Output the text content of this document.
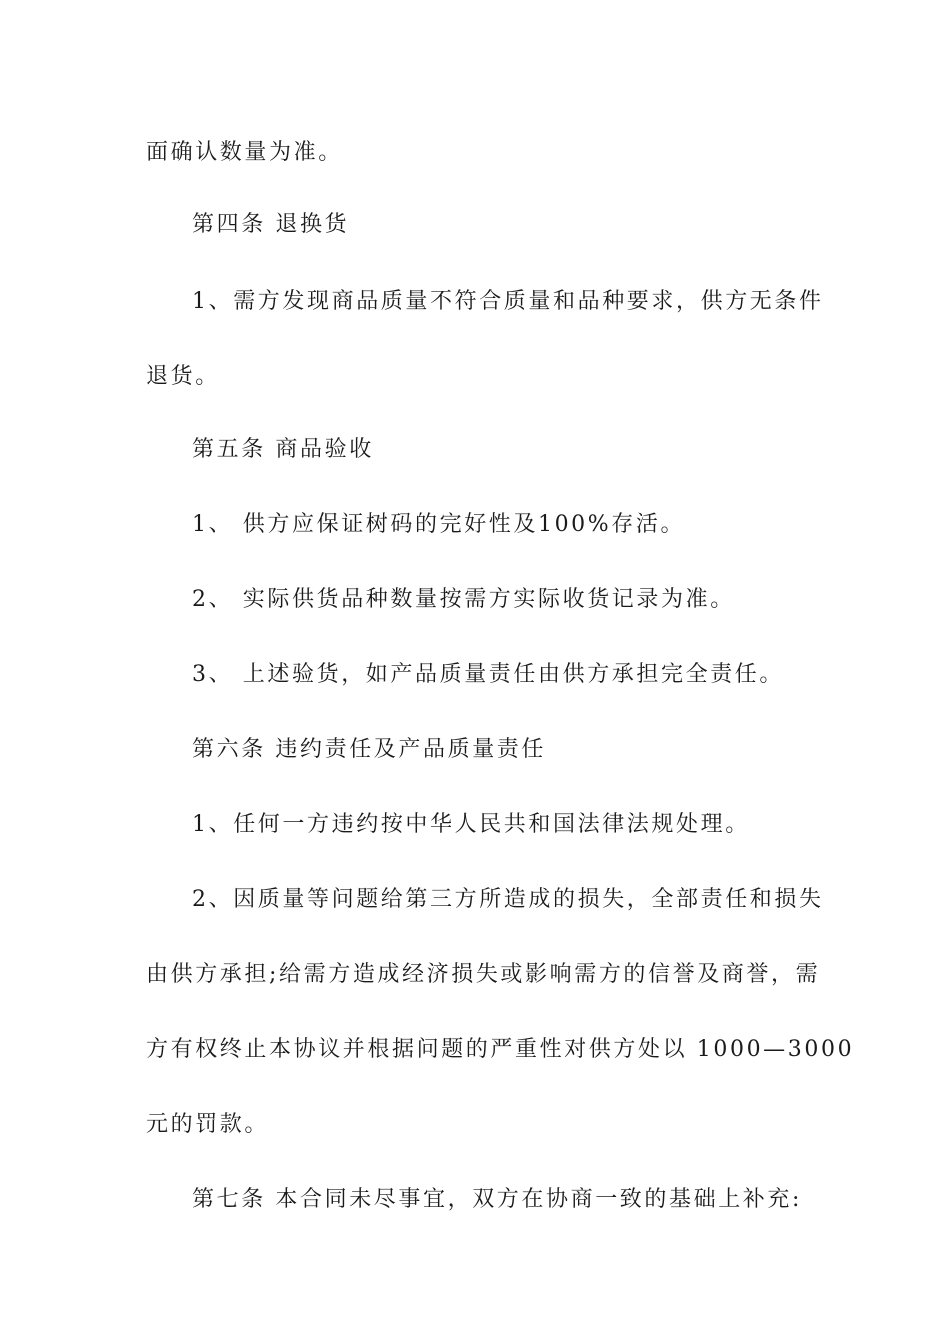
面确认数量为准。
第四条 退换货
1、需方发现商品质量不符合质量和品种要求，供方无条件
退货。
第五条 商品验收
1、 供方应保证树码的完好性及100%存活。
2、 实际供货品种数量按需方实际收货记录为准。
3、 上述验货，如产品质量责任由供方承担完全责任。
第六条 违约责任及产品质量责任
1、任何一方违约按中华人民共和国法律法规处理。
2、因质量等问题给第三方所造成的损失，全部责任和损失
由供方承担;给需方造成经济损失或影响需方的信誉及商誉，需
方有权终止本协议并根据问题的严重性对供方处以 1000—3000
元的罚款。
第七条 本合同未尽事宜，双方在协商一致的基础上补充:
